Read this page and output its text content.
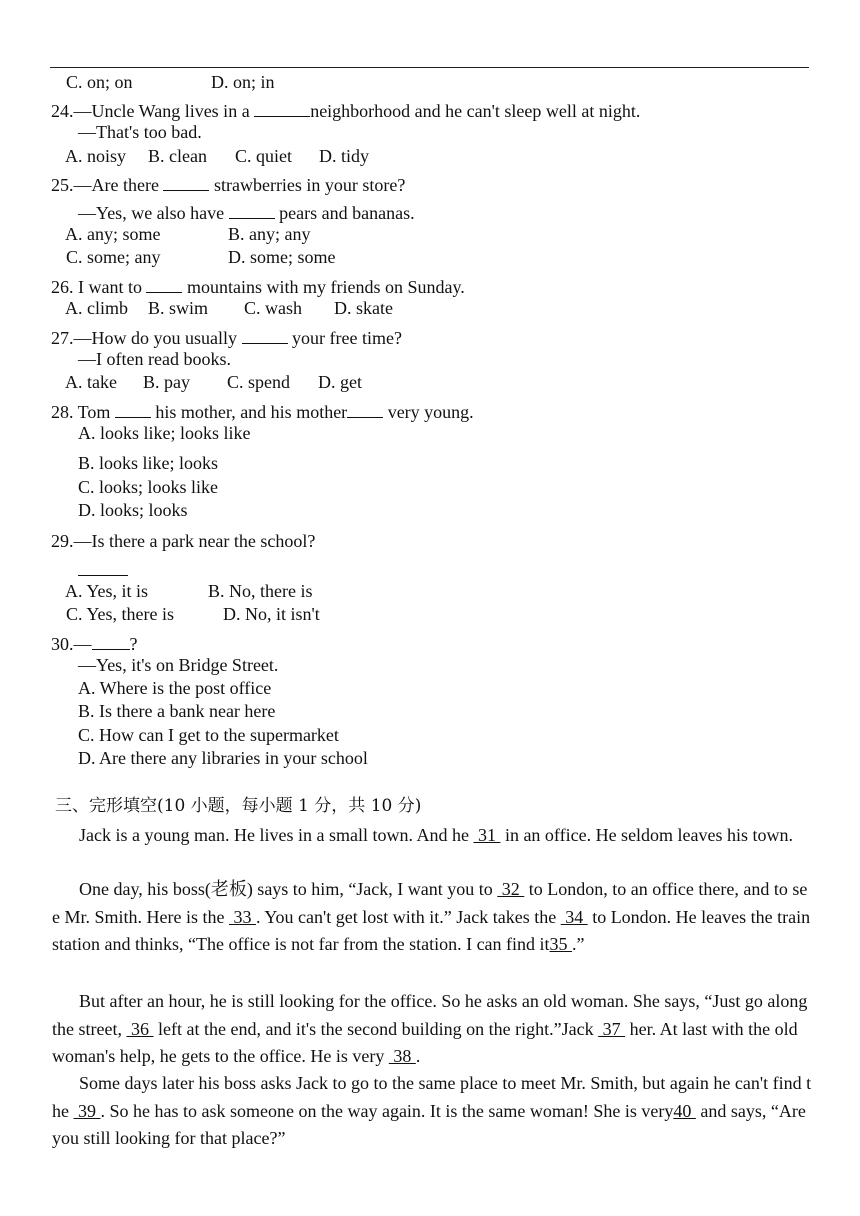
C. on; on	D. on; in
24.—Uncle Wang lives in a	neighborhood and he can't sleep well at night.
—That's too bad.
A. noisy B. clean C. quiet D. tidy
25.—Are there	strawberries in your store?
—Yes, we also have	pears and bananas.
A. any; some	B. any; any
C. some; any	D. some; some
26. I want to  mountains with my friends on Sunday.
A. climb B. swim C. wash D. skate
27.—How do you usually	your free time?
—I often read books.
A. take B. pay C. spend D. get
28. Tom  his mother, and his mother very young.
A. looks like; looks like
B. looks like; looks
C. looks; looks like
D. looks; looks
29.—Is there a park near the school?
A. Yes, it is	B. No, there is
C. Yes, there is	D. No, it isn't
30.— ?
—Yes, it's on Bridge Street.
A. Where is the post office
B. Is there a bank near here
C. How can I get to the supermarket
D. Are there any libraries in your school
三、完形填空(10 小题，每小题 1 分，共 10 分)
Jack is a young man. He lives in a small town. And he  31  in an office. He seldom leaves his town.
One day, his boss(老板) says to him, “Jack, I want you to  32  to London, to an office there, and to see Mr. Smith. Here is the  33 . You can't get lost with it.” Jack takes the  34  to London. He leaves the train station and thinks, “The office is not far from the station. I can find it35 .”
But after an hour, he is still looking for the office. So he asks an old woman. She says, “Just go along the street,  36  left at the end, and it's the second building on the right.”Jack  37  her. At last with the old woman's help, he gets to the office. He is very  38 .
Some days later his boss asks Jack to go to the same place to meet Mr. Smith, but again he can't find the  39 . So he has to ask someone on the way again. It is the same woman! She is very40  and says, “Are you still looking for that place?”
